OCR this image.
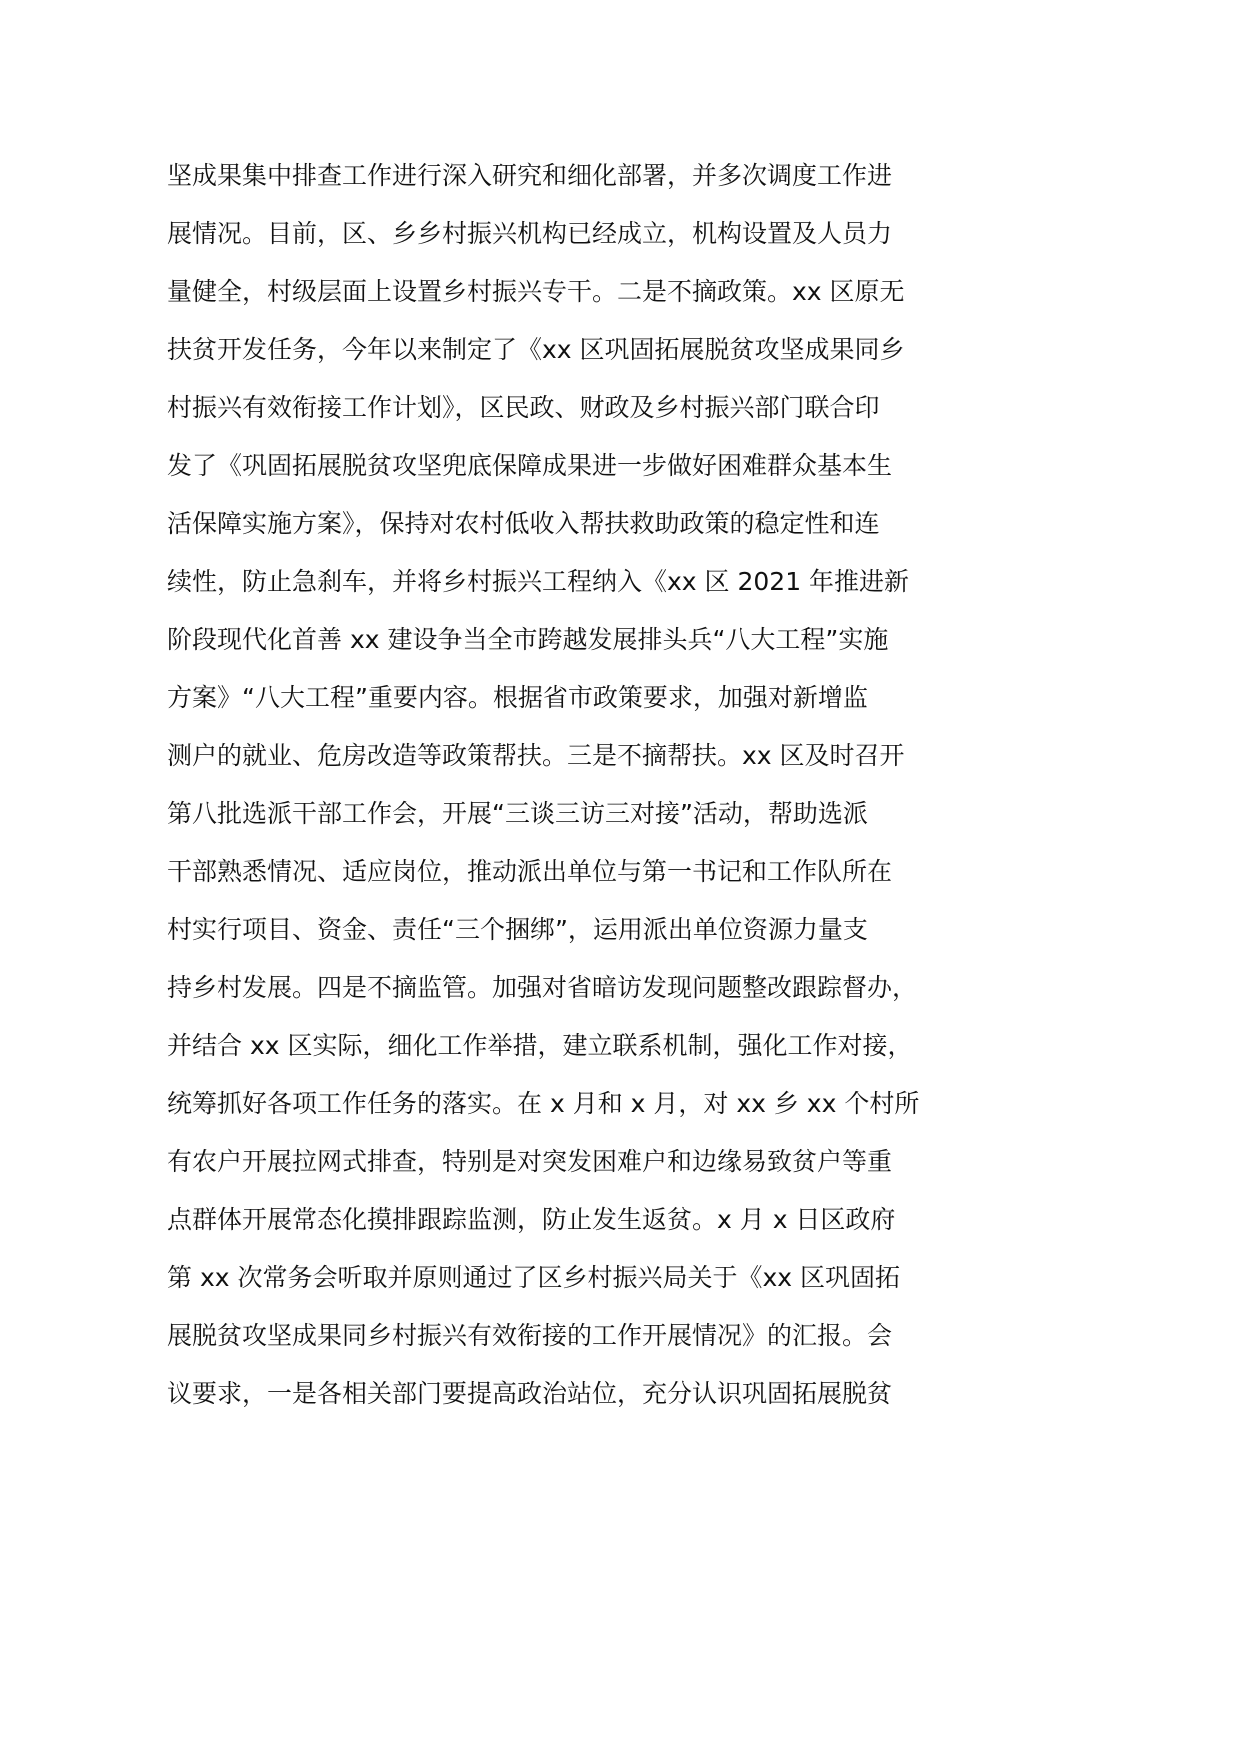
坚成果集中排查工作进行深入研究和细化部署，并多次调度工作进
展情况。目前，区、乡乡村振兴机构已经成立，机构设置及人员力
量健全，村级层面上设置乡村振兴专干。二是不摘政策。xx 区原无
扶贫开发任务，今年以来制定了《xx 区巩固拓展脱贫攻坚成果同乡
村振兴有效衔接工作计划》，区民政、财政及乡村振兴部门联合印
发了《巩固拓展脱贫攻坚兜底保障成果进一步做好困难群众基本生
活保障实施方案》，保持对农村低收入帮扶救助政策的稳定性和连
续性，防止急刹车，并将乡村振兴工程纳入《xx 区 2021 年推进新
阶段现代化首善 xx 建设争当全市跨越发展排头兵“八大工程”实施
方案》“八大工程”重要内容。根据省市政策要求，加强对新增监
测户的就业、危房改造等政策帮扶。三是不摘帮扶。xx 区及时召开
第八批选派干部工作会，开展“三谈三访三对接”活动，帮助选派
干部熟悉情况、适应岗位，推动派出单位与第一书记和工作队所在
村实行项目、资金、责任“三个捆绑”，运用派出单位资源力量支
持乡村发展。四是不摘监管。加强对省暗访发现问题整改跟踪督办，
并结合 xx 区实际，细化工作举措，建立联系机制，强化工作对接，
统筹抓好各项工作任务的落实。在 x 月和 x 月，对 xx 乡 xx 个村所
有农户开展拉网式排查，特别是对突发困难户和边缘易致贫户等重
点群体开展常态化摸排跟踪监测，防止发生返贫。x 月 x 日区政府
第 xx 次常务会听取并原则通过了区乡村振兴局关于《xx 区巩固拓
展脱贫攻坚成果同乡村振兴有效衔接的工作开展情况》的汇报。会
议要求，一是各相关部门要提高政治站位，充分认识巩固拓展脱贫
